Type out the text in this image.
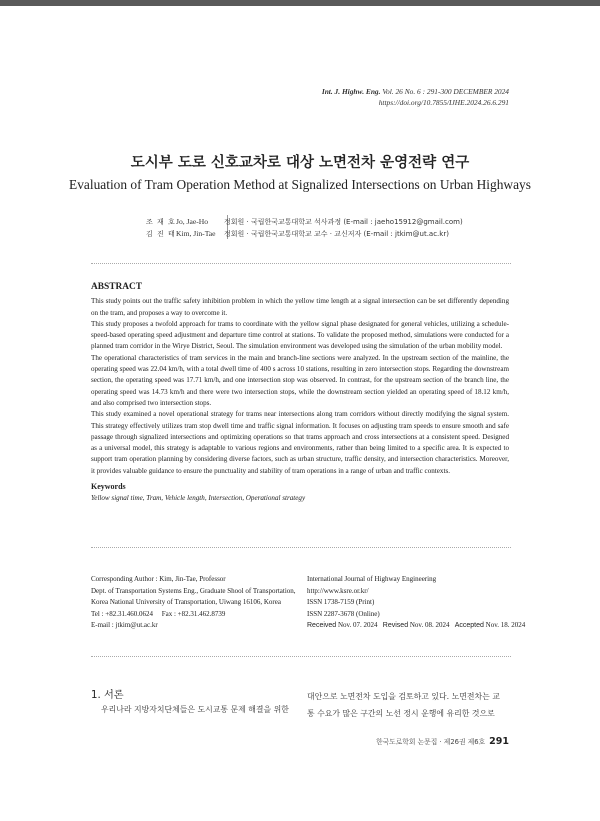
Int. J. Highw. Eng. Vol. 26 No. 6 : 291-300 DECEMBER 2024
https://doi.org/10.7855/IJHE.2024.26.6.291
도시부 도로 신호교차로 대상 노면전차 운영전략 연구
Evaluation of Tram Operation Method at Signalized Intersections on Urban Highways
조 재 호 Jo, Jae-Ho	정회원 · 국립한국교통대학교 석사과정 (E-mail : jaeho15912@gmail.com)
김 진 태 Kim, Jin-Tae	정회원 · 국립한국교통대학교 교수 · 교신저자 (E-mail : jtkim@ut.ac.kr)
ABSTRACT

This study points out the traffic safety inhibition problem in which the yellow time length at a signal intersection can be set differently depending on the tram, and proposes a way to overcome it.

This study proposes a twofold approach for trams to coordinate with the yellow signal phase designated for general vehicles, utilizing a schedule-speed-based operating speed adjustment and departure time control at stations. To validate the proposed method, simulations were conducted for a planned tram corridor in the Wirye District, Seoul. The simulation environment was developed using the simulation of the urban mobility model.

The operational characteristics of tram services in the main and branch-line sections were analyzed. In the upstream section of the mainline, the operating speed was 22.04 km/h, with a total dwell time of 400 s across 10 stations, resulting in zero intersection stops. Regarding the downstream section, the operating speed was 17.71 km/h, and one intersection stop was observed. In contrast, for the upstream section of the branch line, the operating speed was 14.73 km/h and there were two intersection stops, while the downstream section yielded an operating speed of 18.12 km/h, and also comprised two intersection stops.

This study examined a novel operational strategy for trams near intersections along tram corridors without directly modifying the signal system. This strategy effectively utilizes tram stop dwell time and traffic signal information. It focuses on adjusting tram speeds to ensure smooth and safe passage through signalized intersections and optimizing operations so that trams approach and cross intersections at a consistent speed. Designed as a universal model, this strategy is adaptable to various regions and environments, rather than being limited to a specific area. It is expected to support tram operation planning by considering diverse factors, such as urban structure, traffic density, and intersection characteristics. Moreover, it provides valuable guidance to ensure the punctuality and stability of tram operations in a range of urban and traffic contexts.

Keywords

Yellow signal time, Tram, Vehicle length, Intersection, Operational strategy

Corresponding Author : Kim, Jin-Tae, Professor
Dept. of Transportation Systems Eng., Graduate Shool of Transportation,
Korea National University of Transportation, Uiwang 16106, Korea
Tel : +82.31.460.0624     Fax : +82.31.462.8739
E-mail : jtkim@ut.ac.kr
International Journal of Highway Engineering
http://www.ksre.or.kr/
ISSN 1738-7159 (Print)
ISSN 2287-3678 (Online)
Received Nov. 07. 2024 Revised Nov. 08. 2024 Accepted Nov. 18. 2024
1. 서론
우리나라 지방자치단체들은 도시교통 문제 해결을 위한
대안으로 노면전차 도입을 검토하고 있다. 노면전차는 교
통 수요가 많은 구간의 노선 정시 운행에 유리한 것으로
한국도로학회 논문집 · 제26권 제6호 291
